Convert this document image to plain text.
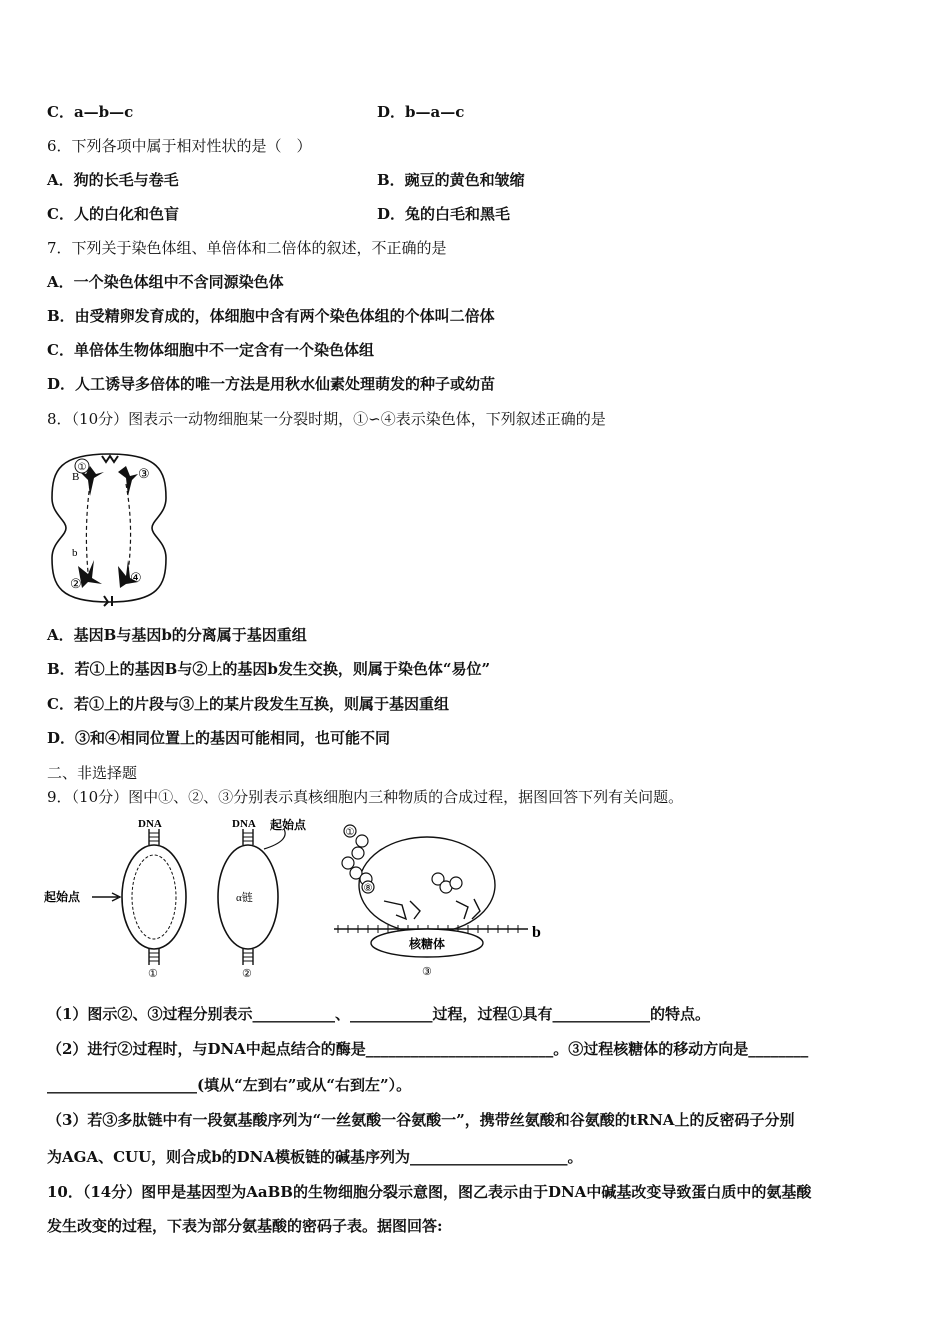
C．a—b—c	D．b—a—c
6．下列各项中属于相对性状的是（　）
A．狗的长毛与卷毛	B．豌豆的黄色和皱缩
C．人的白化和色盲	D．兔的白毛和黑毛
7．下列关于染色体组、单倍体和二倍体的叙述，不正确的是
A．一个染色体组中不含同源染色体
B．由受精卵发育成的，体细胞中含有两个染色体组的个体叫二倍体
C．单倍体生物体细胞中不一定含有一个染色体组
D．人工诱导多倍体的唯一方法是用秋水仙素处理萌发的种子或幼苗
8．（10分）图表示一动物细胞某一分裂时期，①∽④表示染色体，下列叙述正确的是
①
B	③
b
②	④
A．基因B与基因b的分离属于基因重组
B．若①上的基因B与②上的基因b发生交换，则属于染色体“易位”
C．若①上的片段与③上的某片段发生互换，则属于基因重组
D．③和④相同位置上的基因可能相同，也可能不同
二、非选择题
9．（10分）图中①、②、③分别表示真核细胞内三种物质的合成过程，据图回答下列有关问题。
DNA
起始点
①
DNA 起始点
α链
②
①
⑧
核糖体
b
③
（1）图示②、③过程分别表示___________、___________过程，过程①具有_____________的特点。
（2）进行②过程时，与DNA中起点结合的酶是_________________________。③过程核糖体的移动方向是________
____________________(填从“左到右”或从“右到左”）。
（3）若③多肽链中有一段氨基酸序列为“一丝氨酸一谷氨酸一”，携带丝氨酸和谷氨酸的tRNA上的反密码子分别
为AGA、CUU，则合成b的DNA模板链的碱基序列为_____________________。
10．（14分）图甲是基因型为AaBB的生物细胞分裂示意图，图乙表示由于DNA中碱基改变导致蛋白质中的氨基酸
发生改变的过程，下表为部分氨基酸的密码子表。据图回答:
